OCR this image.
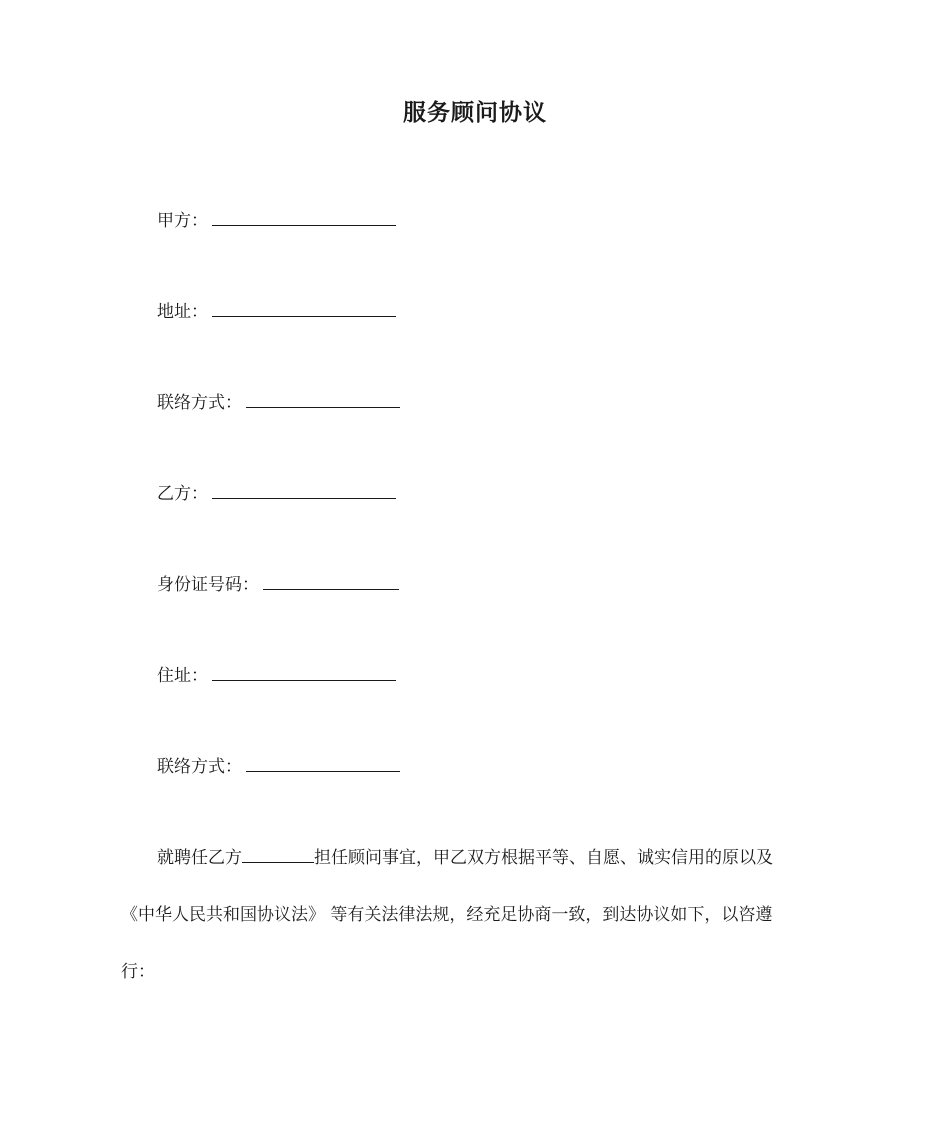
服务顾问协议
甲方：
地址：
联络方式：
乙方：
身份证号码：
住址：
联络方式：
就聘任乙方	担任顾问事宜，甲乙双方根据平等、自愿、诚实信用的原以及
《中华人民共和国协议法》 等有关法律法规，经充足协商一致，到达协议如下，以咨遵
行：
